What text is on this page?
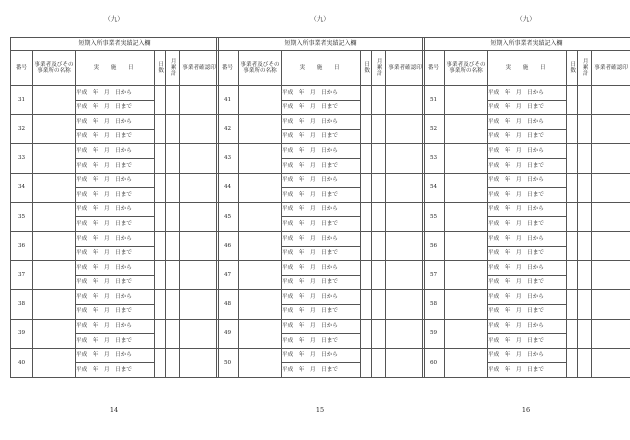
（九）
短期入所事業者実績記入欄					
番号	事業者及びその事業所の名称	実　施　日	日数	月累計	事業者確認印
31		平成　年　月　日から			
		平成　年　月　日まで			
32		平成　年　月　日から			
		平成　年　月　日まで			
33		平成　年　月　日から			
		平成　年　月　日まで			
34		平成　年　月　日から			
		平成　年　月　日まで			
35		平成　年　月　日から			
		平成　年　月　日まで			
36		平成　年　月　日から			
		平成　年　月　日まで			
37		平成　年　月　日から			
		平成　年　月　日まで			
38		平成　年　月　日から			
		平成　年　月　日まで			
39		平成　年　月　日から			
		平成　年　月　日まで			
40		平成　年　月　日から			
		平成　年　月　日まで			
14
（九）
短期入所事業者実績記入欄					
番号	事業者及びその事業所の名称	実　施　日	日数	月累計	事業者確認印
41		平成　年　月　日から			
		平成　年　月　日まで			
42		平成　年　月　日から			
		平成　年　月　日まで			
43		平成　年　月　日から			
		平成　年　月　日まで			
44		平成　年　月　日から			
		平成　年　月　日まで			
45		平成　年　月　日から			
		平成　年　月　日まで			
46		平成　年　月　日から			
		平成　年　月　日まで			
47		平成　年　月　日から			
		平成　年　月　日まで			
48		平成　年　月　日から			
		平成　年　月　日まで			
49		平成　年　月　日から			
		平成　年　月　日まで			
50		平成　年　月　日から			
		平成　年　月　日まで			
15
（九）
短期入所事業者実績記入欄					
番号	事業者及びその事業所の名称	実　施　日	日数	月累計	事業者確認印
51		平成　年　月　日から			
		平成　年　月　日まで			
52		平成　年　月　日から			
		平成　年　月　日まで			
53		平成　年　月　日から			
		平成　年　月　日まで			
54		平成　年　月　日から			
		平成　年　月　日まで			
55		平成　年　月　日から			
		平成　年　月　日まで			
56		平成　年　月　日から			
		平成　年　月　日まで			
57		平成　年　月　日から			
		平成　年　月　日まで			
58		平成　年　月　日から			
		平成　年　月　日まで			
59		平成　年　月　日から			
		平成　年　月　日まで			
60		平成　年　月　日から			
		平成　年　月　日まで			
16
